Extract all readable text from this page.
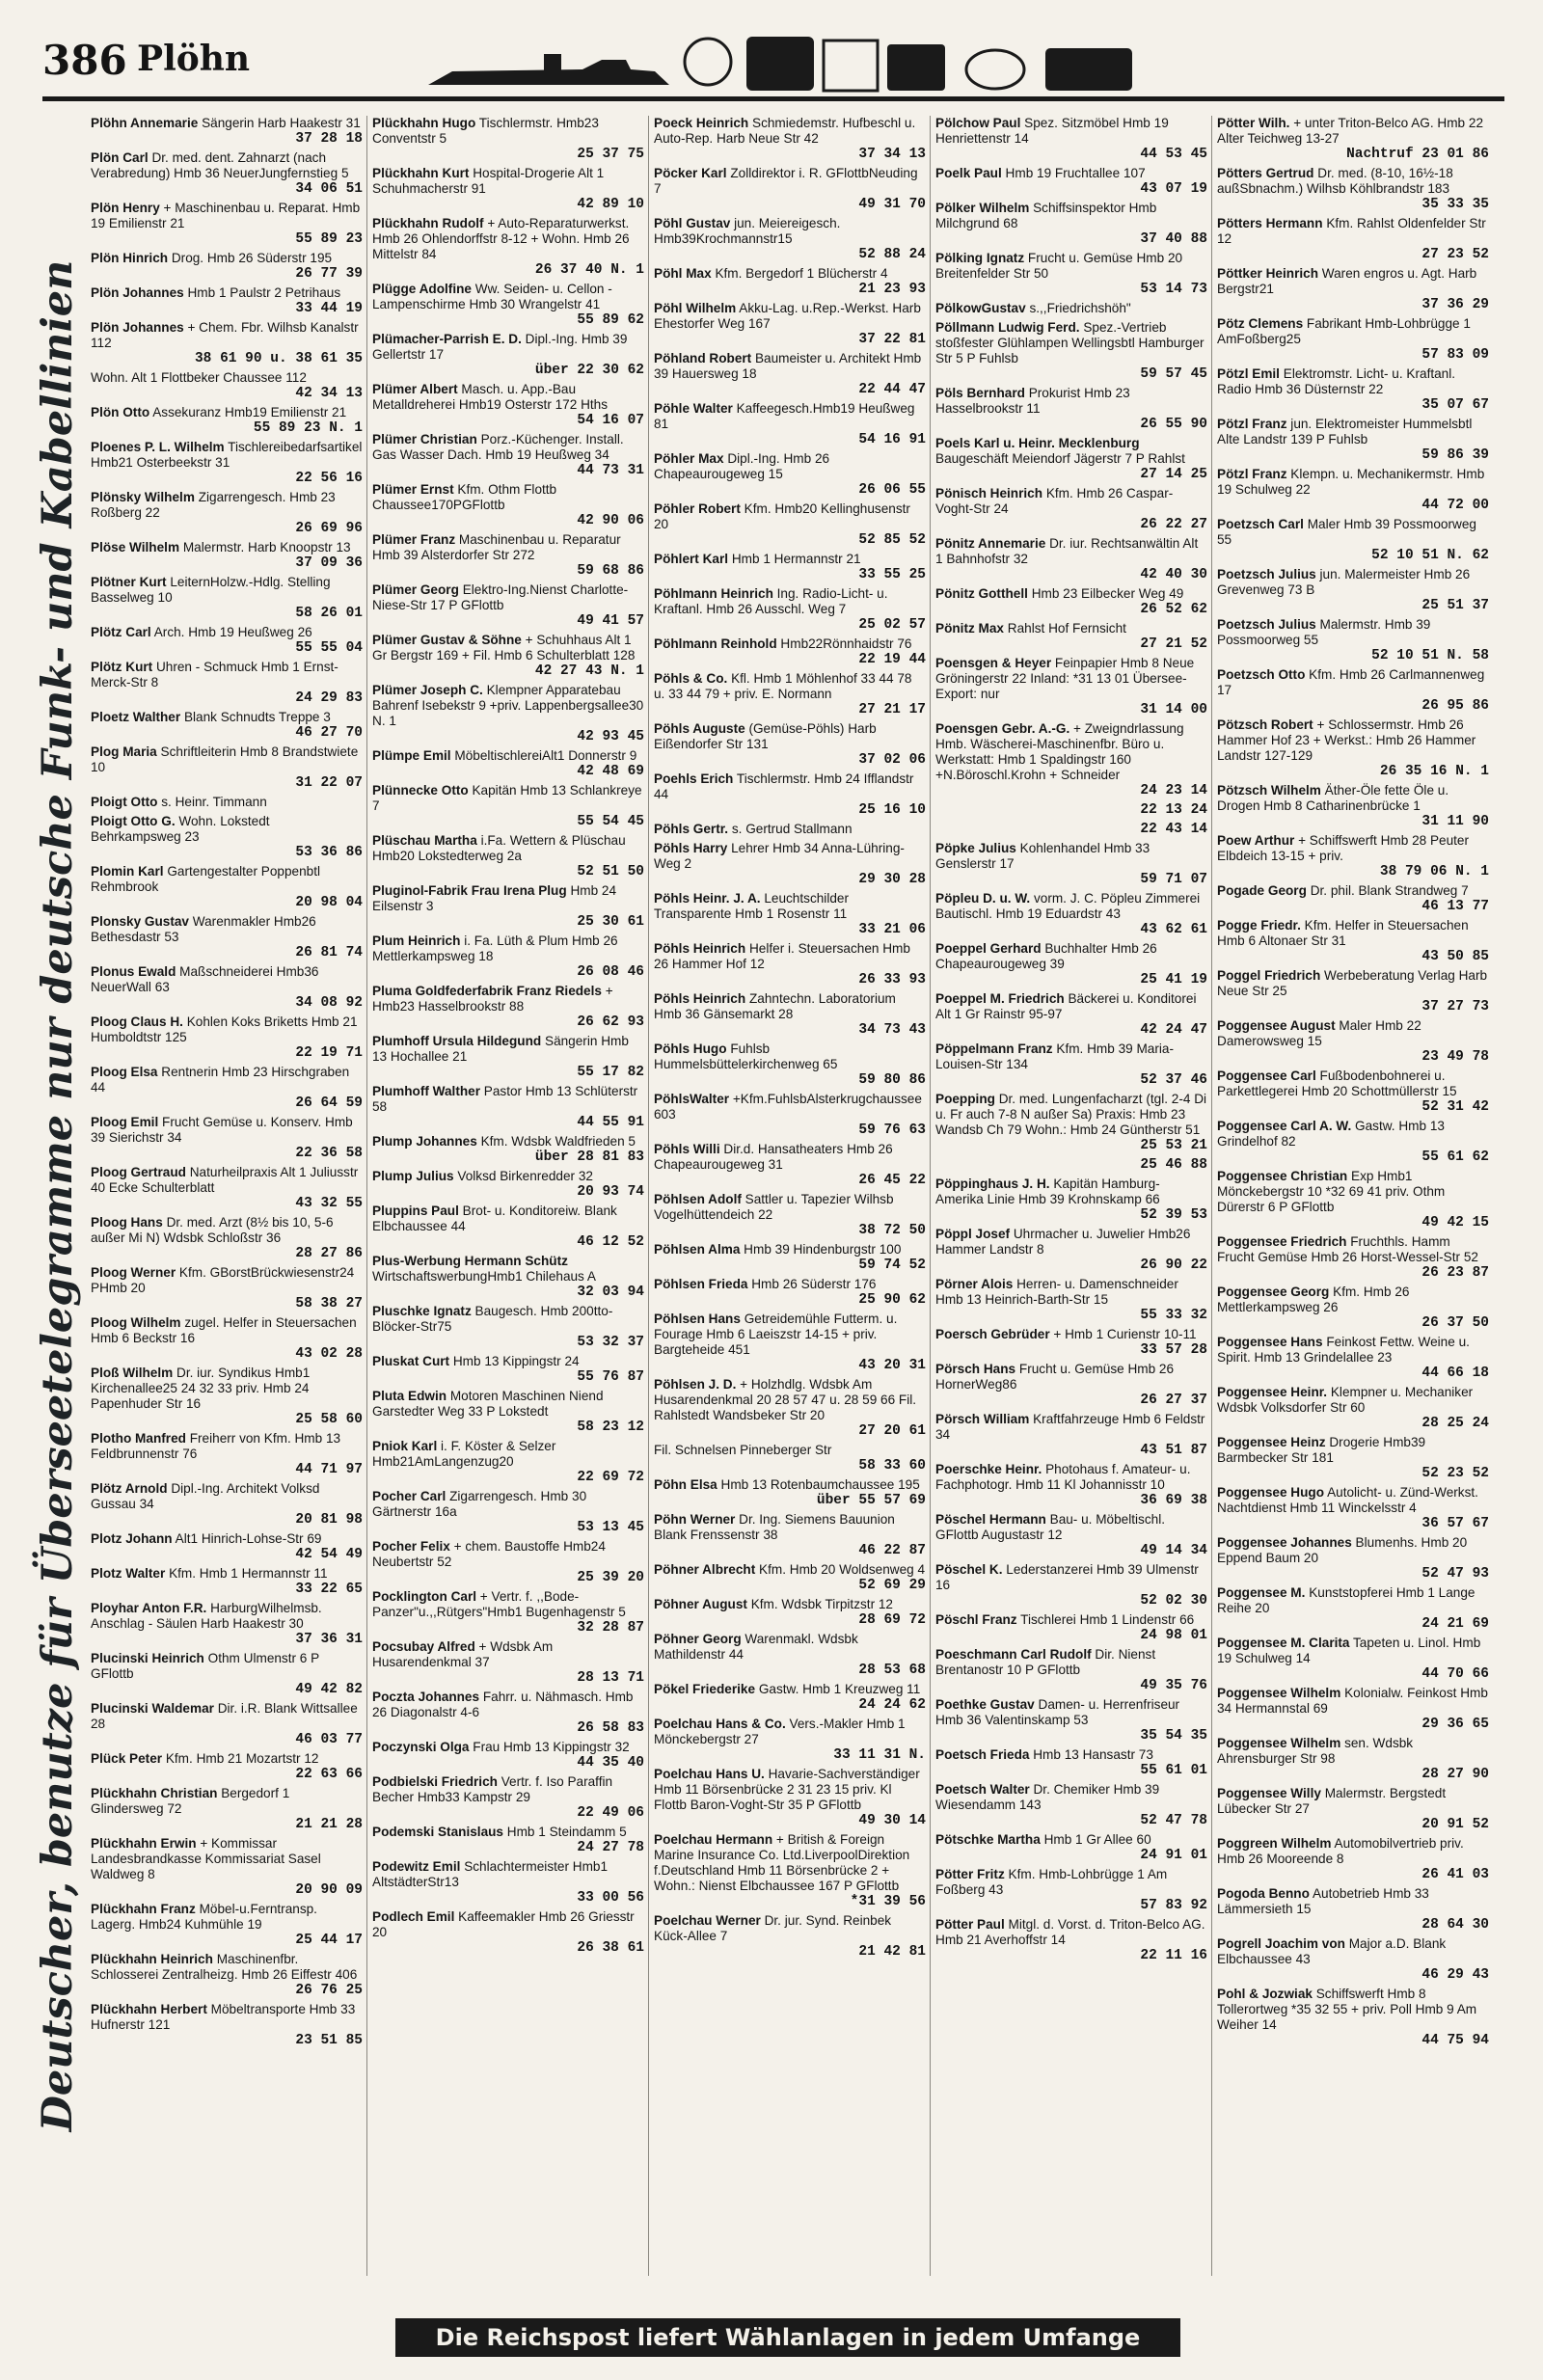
386 Plöhn
Deutscher, benutze für Überseetelegramme nur deutsche Funk- und Kabellinien
Plöhn Annemarie Sängerin Harb Haakestr 31
37 28 18
Plön Carl Dr. med. dent. Zahnarzt (nach Verabredung) Hmb 36 NeuerJungfernstieg 5
34 06 51
Plön Henry + Maschinenbau u. Reparat. Hmb 19 Emilienstr 21
55 89 23
Plön Hinrich Drog. Hmb 26 Süderstr 195
26 77 39
Plön Johannes Hmb 1 Paulstr 2 Petrihaus
33 44 19
Plön Johannes + Chem. Fbr. Wilhsb Kanalstr 112
38 61 90 u. 38 61 35
Wohn. Alt 1 Flottbeker Chaussee 112
42 34 13
Plön Otto Assekuranz Hmb19 Emilienstr 21
55 89 23 N. 1
Ploenes P. L. Wilhelm Tischlereibedarfsartikel Hmb21 Osterbeekstr 31
22 56 16
Plönsky Wilhelm Zigarrengesch. Hmb 23 Roßberg 22
26 69 96
Plöse Wilhelm Malermstr. Harb Knoopstr 13
37 09 36
Plötner Kurt LeiternHolzw.-Hdlg. Stelling Basselweg 10
58 26 01
Plötz Carl Arch. Hmb 19 Heußweg 26
55 55 04
Plötz Kurt Uhren - Schmuck Hmb 1 Ernst-Merck-Str 8
24 29 83
Ploetz Walther Blank Schnudts Treppe 3
46 27 70
Plog Maria Schriftleiterin Hmb 8 Brandstwiete 10
31 22 07
Ploigt Otto s. Heinr. Timmann
Ploigt Otto G. Wohn. Lokstedt Behrkampsweg 23
53 36 86
Plomin Karl Gartengestalter Poppenbtl Rehmbrook
20 98 04
Plonsky Gustav Warenmakler Hmb26 Bethesdastr 53
26 81 74
Plonus Ewald Maßschneiderei Hmb36 NeuerWall 63
34 08 92
Ploog Claus H. Kohlen Koks Briketts Hmb 21 Humboldtstr 125
22 19 71
Ploog Elsa Rentnerin Hmb 23 Hirschgraben 44
26 64 59
Ploog Emil Frucht Gemüse u. Konserv. Hmb 39 Sierichstr 34
22 36 58
Ploog Gertraud Naturheilpraxis Alt 1 Juliusstr 40 Ecke Schulterblatt
43 32 55
Ploog Hans Dr. med. Arzt (8½ bis 10, 5-6 außer Mi N) Wdsbk Schloßstr 36
28 27 86
Ploog Werner Kfm. GBorstBrückwiesenstr24 PHmb 20
58 38 27
Ploog Wilhelm zugel. Helfer in Steuersachen Hmb 6 Beckstr 16
43 02 28
Ploß Wilhelm Dr. iur. Syndikus Hmb1 Kirchenallee25 24 32 33 priv. Hmb 24 Papenhuder Str 16
25 58 60
Plotho Manfred Freiherr von Kfm. Hmb 13 Feldbrunnenstr 76
44 71 97
Plötz Arnold Dipl.-Ing. Architekt Volksd Gussau 34
20 81 98
Plotz Johann Alt1 Hinrich-Lohse-Str 69
42 54 49
Plotz Walter Kfm. Hmb 1 Hermannstr 11
33 22 65
Ployhar Anton F.R. HarburgWilhelmsb. Anschlag - Säulen Harb Haakestr 30
37 36 31
Plucinski Heinrich Othm Ulmenstr 6 P GFlottb
49 42 82
Plucinski Waldemar Dir. i.R. Blank Wittsallee 28
46 03 77
Plück Peter Kfm. Hmb 21 Mozartstr 12
22 63 66
Plückhahn Christian Bergedorf 1 Glindersweg 72
21 21 28
Plückhahn Erwin + Kommissar Landesbrandkasse Kommissariat Sasel Waldweg 8
20 90 09
Plückhahn Franz Möbel-u.Ferntransp. Lagerg. Hmb24 Kuhmühle 19
25 44 17
Plückhahn Heinrich Maschinenfbr. Schlosserei Zentralheizg. Hmb 26 Eiffestr 406
26 76 25
Plückhahn Herbert Möbeltransporte Hmb 33 Hufnerstr 121
23 51 85
Plückhahn Hugo Tischlermstr. Hmb23 Conventstr 5
25 37 75
Plückhahn Kurt Hospital-Drogerie Alt 1 Schuhmacherstr 91
42 89 10
Plückhahn Rudolf + Auto-Reparaturwerkst. Hmb 26 Ohlendorffstr 8-12 + Wohn. Hmb 26 Mittelstr 84
26 37 40 N. 1
Plügge Adolfine Ww. Seiden- u. Cellon - Lampenschirme Hmb 30 Wrangelstr 41
55 89 62
Plümacher-Parrish E. D. Dipl.-Ing. Hmb 39 Gellertstr 17
über 22 30 62
Plümer Albert Masch. u. App.-Bau Metalldreherei Hmb19 Osterstr 172 Hths
54 16 07
Plümer Christian Porz.-Küchenger. Install. Gas Wasser Dach. Hmb 19 Heußweg 34
44 73 31
Plümer Ernst Kfm. Othm Flottb Chaussee170PGFlottb
42 90 06
Plümer Franz Maschinenbau u. Reparatur Hmb 39 Alsterdorfer Str 272
59 68 86
Plümer Georg Elektro-Ing.Nienst Charlotte-Niese-Str 17 P GFlottb
49 41 57
Plümer Gustav & Söhne + Schuhhaus Alt 1 Gr Bergstr 169 + Fil. Hmb 6 Schulterblatt 128
42 27 43 N. 1
Plümer Joseph C. Klempner Apparatebau Bahrenf Isebekstr 9 +priv. Lappenbergsallee30 N. 1
42 93 45
Plümpe Emil MöbeltischlereiAlt1 Donnerstr 9
42 48 69
Plünnecke Otto Kapitän Hmb 13 Schlankreye 7
55 54 45
Plüschau Martha i.Fa. Wettern & Plüschau Hmb20 Lokstedterweg 2a
52 51 50
Pluginol-Fabrik Frau Irena Plug Hmb 24 Eilsenstr 3
25 30 61
Plum Heinrich i. Fa. Lüth & Plum Hmb 26 Mettlerkampsweg 18
26 08 46
Pluma Goldfederfabrik Franz Riedels + Hmb23 Hasselbrookstr 88
26 62 93
Plumhoff Ursula Hildegund Sängerin Hmb 13 Hochallee 21
55 17 82
Plumhoff Walther Pastor Hmb 13 Schlüterstr 58
44 55 91
Plump Johannes Kfm. Wdsbk Waldfrieden 5
über 28 81 83
Plump Julius Volksd Birkenredder 32
20 93 74
Pluppins Paul Brot- u. Konditoreiw. Blank Elbchaussee 44
46 12 52
Plus-Werbung Hermann Schütz WirtschaftswerbungHmb1 Chilehaus A
32 03 94
Pluschke Ignatz Baugesch. Hmb 200tto-Blöcker-Str75
53 32 37
Pluskat Curt Hmb 13 Kippingstr 24
55 76 87
Pluta Edwin Motoren Maschinen Niend Garstedter Weg 33 P Lokstedt
58 23 12
Pniok Karl i. F. Köster & Selzer Hmb21AmLangenzug20
22 69 72
Pocher Carl Zigarrengesch. Hmb 30 Gärtnerstr 16a
53 13 45
Pocher Felix + chem. Baustoffe Hmb24 Neubertstr 52
25 39 20
Pocklington Carl + Vertr. f. ,,Bode-Panzer"u.,,Rütgers"Hmb1 Bugenhagenstr 5
32 28 87
Pocsubay Alfred + Wdsbk Am Husarendenkmal 37
28 13 71
Poczta Johannes Fahrr. u. Nähmasch. Hmb 26 Diagonalstr 4-6
26 58 83
Poczynski Olga Frau Hmb 13 Kippingstr 32
44 35 40
Podbielski Friedrich Vertr. f. Iso Paraffin Becher Hmb33 Kampstr 29
22 49 06
Podemski Stanislaus Hmb 1 Steindamm 5
24 27 78
Podewitz Emil Schlachtermeister Hmb1 AltstädterStr13
33 00 56
Podlech Emil Kaffeemakler Hmb 26 Griesstr 20
26 38 61
Poeck Heinrich Schmiedemstr. Hufbeschl u. Auto-Rep. Harb Neue Str 42
37 34 13
Pöcker Karl Zolldirektor i. R. GFlottbNeuding 7
49 31 70
Pöhl Gustav jun. Meiereigesch. Hmb39Krochmannstr15
52 88 24
Pöhl Max Kfm. Bergedorf 1 Blücherstr 4
21 23 93
Pöhl Wilhelm Akku-Lag. u.Rep.-Werkst. Harb Ehestorfer Weg 167
37 22 81
Pöhland Robert Baumeister u. Architekt Hmb 39 Hauersweg 18
22 44 47
Pöhle Walter Kaffeegesch.Hmb19 Heußweg 81
54 16 91
Pöhler Max Dipl.-Ing. Hmb 26 Chapeaurougeweg 15
26 06 55
Pöhler Robert Kfm. Hmb20 Kellinghusenstr 20
52 85 52
Pöhlert Karl Hmb 1 Hermannstr 21
33 55 25
Pöhlmann Heinrich Ing. Radio-Licht- u. Kraftanl. Hmb 26 Ausschl. Weg 7
25 02 57
Pöhlmann Reinhold Hmb22Rönnhaidstr 76
22 19 44
Pöhls & Co. Kfl. Hmb 1 Möhlenhof 33 44 78 u. 33 44 79 + priv. E. Normann
27 21 17
Pöhls Auguste (Gemüse-Pöhls) Harb Eißendorfer Str 131
37 02 06
Poehls Erich Tischlermstr. Hmb 24 Ifflandstr 44
25 16 10
Pöhls Gertr. s. Gertrud Stallmann
Pöhls Harry Lehrer Hmb 34 Anna-Lühring-Weg 2
29 30 28
Pöhls Heinr. J. A. Leuchtschilder Transparente Hmb 1 Rosenstr 11
33 21 06
Pöhls Heinrich Helfer i. Steuersachen Hmb 26 Hammer Hof 12
26 33 93
Pöhls Heinrich Zahntechn. Laboratorium Hmb 36 Gänsemarkt 28
34 73 43
Pöhls Hugo Fuhlsb Hummelsbüttelerkirchenweg 65
59 80 86
PöhlsWalter +Kfm.FuhlsbAlsterkrugchaussee 603
59 76 63
Pöhls Willi Dir.d. Hansatheaters Hmb 26 Chapeaurougeweg 31
26 45 22
Pöhlsen Adolf Sattler u. Tapezier Wilhsb Vogelhüttendeich 22
38 72 50
Pöhlsen Alma Hmb 39 Hindenburgstr 100
59 74 52
Pöhlsen Frieda Hmb 26 Süderstr 176
25 90 62
Pöhlsen Hans Getreidemühle Futterm. u. Fourage Hmb 6 Laeiszstr 14-15 + priv. Bargteheide 451
43 20 31
Pöhlsen J. D. + Holzhdlg. Wdsbk Am Husarendenkmal 20 28 57 47 u. 28 59 66 Fil. Rahlstedt Wandsbeker Str 20
27 20 61
Fil. Schnelsen Pinneberger Str
58 33 60
Pöhn Elsa Hmb 13 Rotenbaumchaussee 195
über 55 57 69
Pöhn Werner Dr. Ing. Siemens Bauunion Blank Frenssenstr 38
46 22 87
Pöhner Albrecht Kfm. Hmb 20 Woldsenweg 4
52 69 29
Pöhner August Kfm. Wdsbk Tirpitzstr 12
28 69 72
Pöhner Georg Warenmakl. Wdsbk Mathildenstr 44
28 53 68
Pökel Friederike Gastw. Hmb 1 Kreuzweg 11
24 24 62
Poelchau Hans & Co. Vers.-Makler Hmb 1 Mönckebergstr 27
33 11 31 N.
Poelchau Hans U. Havarie-Sachverständiger Hmb 11 Börsenbrücke 2 31 23 15 priv. Kl Flottb Baron-Voght-Str 35 P GFlottb
49 30 14
Poelchau Hermann + British & Foreign Marine Insurance Co. Ltd.LiverpoolDirektion f.Deutschland Hmb 11 Börsenbrücke 2 + Wohn.: Nienst Elbchaussee 167 P GFlottb
*31 39 56
Poelchau Werner Dr. jur. Synd. Reinbek Kück-Allee 7
21 42 81
Pölchow Paul Spez. Sitzmöbel Hmb 19 Henriettenstr 14
44 53 45
Poelk Paul Hmb 19 Fruchtallee 107
43 07 19
Pölker Wilhelm Schiffsinspektor Hmb Milchgrund 68
37 40 88
Pölking Ignatz Frucht u. Gemüse Hmb 20 Breitenfelder Str 50
53 14 73
PölkowGustav s.,,Friedrichshöh"
Pöllmann Ludwig Ferd. Spez.-Vertrieb stoßfester Glühlampen Wellingsbtl Hamburger Str 5 P Fuhlsb
59 57 45
Pöls Bernhard Prokurist Hmb 23 Hasselbrookstr 11
26 55 90
Poels Karl u. Heinr. Mecklenburg Baugeschäft Meiendorf Jägerstr 7 P Rahlst
27 14 25
Pönisch Heinrich Kfm. Hmb 26 Caspar-Voght-Str 24
26 22 27
Pönitz Annemarie Dr. iur. Rechtsanwältin Alt 1 Bahnhofstr 32
42 40 30
Pönitz Gotthell Hmb 23 Eilbecker Weg 49
26 52 62
Pönitz Max Rahlst Hof Fernsicht
27 21 52
Poensgen & Heyer Feinpapier Hmb 8 Neue Gröningerstr 22 Inland: *31 13 01 Übersee-Export: nur
31 14 00
Poensgen Gebr. A.-G. + Zweigndrlassung Hmb. Wäscherei-Maschinenfbr. Büro u. Werkstatt: Hmb 1 Spaldingstr 160 +N.Böroschl.Krohn + Schneider
24 23 14
22 13 24
22 43 14
Pöpke Julius Kohlenhandel Hmb 33 Genslerstr 17
59 71 07
Pöpleu D. u. W. vorm. J. C. Pöpleu Zimmerei Bautischl. Hmb 19 Eduardstr 43
43 62 61
Poeppel Gerhard Buchhalter Hmb 26 Chapeaurougeweg 39
25 41 19
Poeppel M. Friedrich Bäckerei u. Konditorei Alt 1 Gr Rainstr 95-97
42 24 47
Pöppelmann Franz Kfm. Hmb 39 Maria-Louisen-Str 134
52 37 46
Poepping Dr. med. Lungenfacharzt (tgl. 2-4 Di u. Fr auch 7-8 N außer Sa) Praxis: Hmb 23 Wandsb Ch 79 Wohn.: Hmb 24 Güntherstr 51
25 53 21
25 46 88
Pöppinghaus J. H. Kapitän Hamburg-Amerika Linie Hmb 39 Krohnskamp 66
52 39 53
Pöppl Josef Uhrmacher u. Juwelier Hmb26 Hammer Landstr 8
26 90 22
Pörner Alois Herren- u. Damenschneider Hmb 13 Heinrich-Barth-Str 15
55 33 32
Poersch Gebrüder + Hmb 1 Curienstr 10-11
33 57 28
Pörsch Hans Frucht u. Gemüse Hmb 26 HornerWeg86
26 27 37
Pörsch William Kraftfahrzeuge Hmb 6 Feldstr 34
43 51 87
Poerschke Heinr. Photohaus f. Amateur- u. Fachphotogr. Hmb 11 Kl Johannisstr 10
36 69 38
Pöschel Hermann Bau- u. Möbeltischl. GFlottb Augustastr 12
49 14 34
Pöschel K. Lederstanzerei Hmb 39 Ulmenstr 16
52 02 30
Pöschl Franz Tischlerei Hmb 1 Lindenstr 66
24 98 01
Poeschmann Carl Rudolf Dir. Nienst Brentanostr 10 P GFlottb
49 35 76
Poethke Gustav Damen- u. Herrenfriseur Hmb 36 Valentinskamp 53
35 54 35
Poetsch Frieda Hmb 13 Hansastr 73
55 61 01
Poetsch Walter Dr. Chemiker Hmb 39 Wiesendamm 143
52 47 78
Pötschke Martha Hmb 1 Gr Allee 60
24 91 01
Pötter Fritz Kfm. Hmb-Lohbrügge 1 Am Foßberg 43
57 83 92
Pötter Paul Mitgl. d. Vorst. d. Triton-Belco AG. Hmb 21 Averhoffstr 14
22 11 16
Pötter Wilh. + unter Triton-Belco AG. Hmb 22 Alter Teichweg 13-27
Nachtruf 23 01 86
Pötters Gertrud Dr. med. (8-10, 16½-18 außSbnachm.) Wilhsb Köhlbrandstr 183
35 33 35
Pötters Hermann Kfm. Rahlst Oldenfelder Str 12
27 23 52
Pöttker Heinrich Waren engros u. Agt. Harb Bergstr21
37 36 29
Pötz Clemens Fabrikant Hmb-Lohbrügge 1 AmFoßberg25
57 83 09
Pötzl Emil Elektromstr. Licht- u. Kraftanl. Radio Hmb 36 Düsternstr 22
35 07 67
Pötzl Franz jun. Elektromeister Hummelsbtl Alte Landstr 139 P Fuhlsb
59 86 39
Pötzl Franz Klempn. u. Mechanikermstr. Hmb 19 Schulweg 22
44 72 00
Poetzsch Carl Maler Hmb 39 Possmoorweg 55
52 10 51 N. 62
Poetzsch Julius jun. Malermeister Hmb 26 Grevenweg 73 B
25 51 37
Poetzsch Julius Malermstr. Hmb 39 Possmoorweg 55
52 10 51 N. 58
Poetzsch Otto Kfm. Hmb 26 Carlmannenweg 17
26 95 86
Pötzsch Robert + Schlossermstr. Hmb 26 Hammer Hof 23 + Werkst.: Hmb 26 Hammer Landstr 127-129
26 35 16 N. 1
Pötzsch Wilhelm Äther-Öle fette Öle u. Drogen Hmb 8 Catharinenbrücke 1
31 11 90
Poew Arthur + Schiffswerft Hmb 28 Peuter Elbdeich 13-15 + priv.
38 79 06 N. 1
Pogade Georg Dr. phil. Blank Strandweg 7
46 13 77
Pogge Friedr. Kfm. Helfer in Steuersachen Hmb 6 Altonaer Str 31
43 50 85
Poggel Friedrich Werbeberatung Verlag Harb Neue Str 25
37 27 73
Poggensee August Maler Hmb 22 Damerowsweg 15
23 49 78
Poggensee Carl Fußbodenbohnerei u. Parkettlegerei Hmb 20 Schottmüllerstr 15
52 31 42
Poggensee Carl A. W. Gastw. Hmb 13 Grindelhof 82
55 61 62
Poggensee Christian Exp Hmb1 Mönckebergstr 10 *32 69 41 priv. Othm Dürerstr 6 P GFlottb
49 42 15
Poggensee Friedrich Fruchthls. Hamm Frucht Gemüse Hmb 26 Horst-Wessel-Str 52
26 23 87
Poggensee Georg Kfm. Hmb 26 Mettlerkampsweg 26
26 37 50
Poggensee Hans Feinkost Fettw. Weine u. Spirit. Hmb 13 Grindelallee 23
44 66 18
Poggensee Heinr. Klempner u. Mechaniker Wdsbk Volksdorfer Str 60
28 25 24
Poggensee Heinz Drogerie Hmb39 Barmbecker Str 181
52 23 52
Poggensee Hugo Autolicht- u. Zünd-Werkst. Nachtdienst Hmb 11 Winckelsstr 4
36 57 67
Poggensee Johannes Blumenhs. Hmb 20 Eppend Baum 20
52 47 93
Poggensee M. Kunststopferei Hmb 1 Lange Reihe 20
24 21 69
Poggensee M. Clarita Tapeten u. Linol. Hmb 19 Schulweg 14
44 70 66
Poggensee Wilhelm Kolonialw. Feinkost Hmb 34 Hermannstal 69
29 36 65
Poggensee Wilhelm sen. Wdsbk Ahrensburger Str 98
28 27 90
Poggensee Willy Malermstr. Bergstedt Lübecker Str 27
20 91 52
Poggreen Wilhelm Automobilvertrieb priv. Hmb 26 Mooreende 8
26 41 03
Pogoda Benno Autobetrieb Hmb 33 Lämmersieth 15
28 64 30
Pogrell Joachim von Major a.D. Blank Elbchaussee 43
46 29 43
Pohl & Jozwiak Schiffswerft Hmb 8 Tollerortweg *35 32 55 + priv. Poll Hmb 9 Am Weiher 14
44 75 94
Die Reichspost liefert Wählanlagen in jedem Umfange
